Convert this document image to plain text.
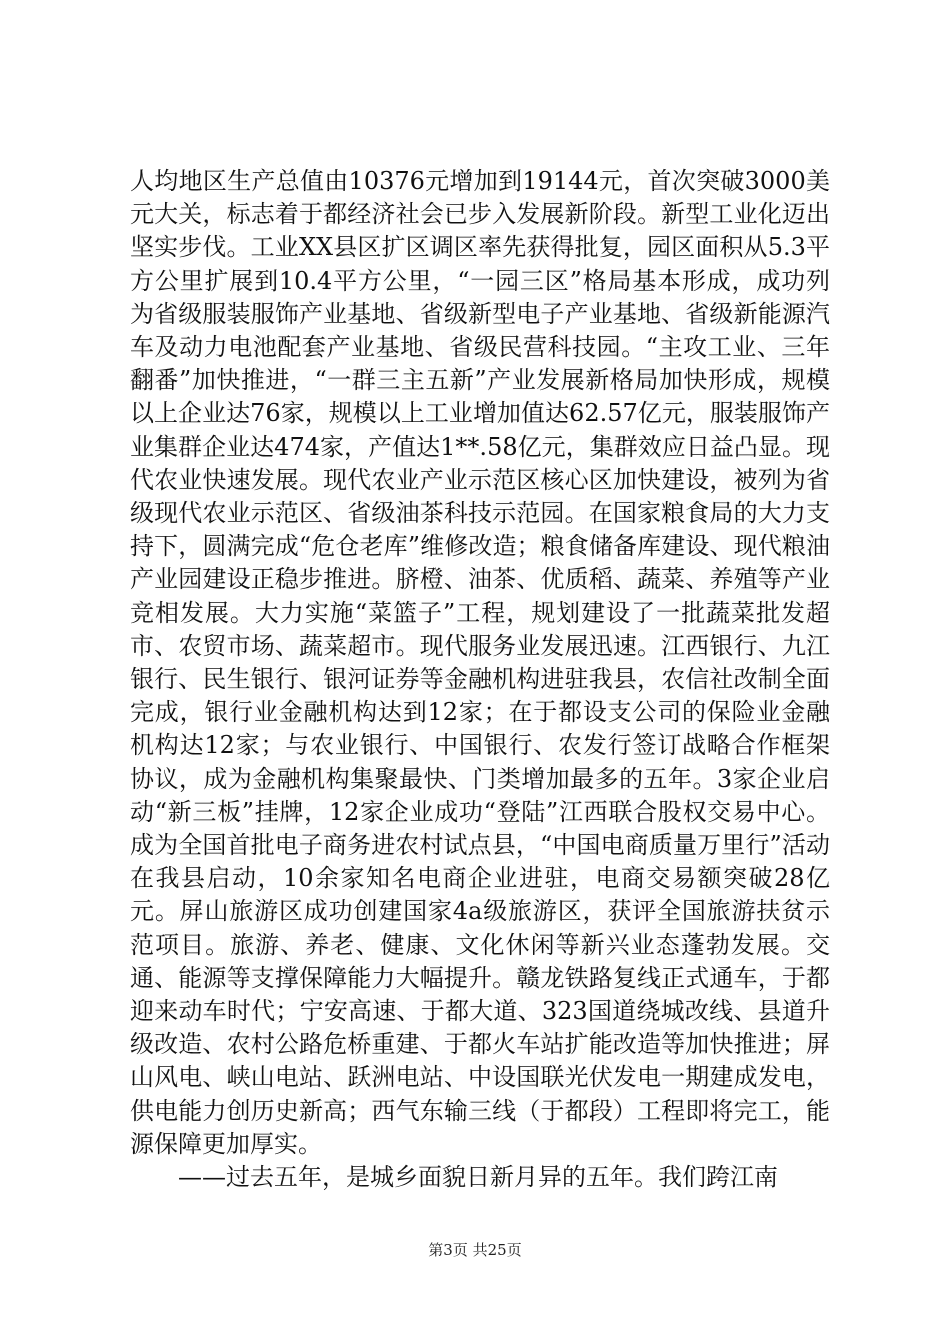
人均地区生产总值由10376元增加到19144元，首次突破3000美元大关，标志着于都经济社会已步入发展新阶段。新型工业化迈出坚实步伐。工业XX县区扩区调区率先获得批复，园区面积从5.3平方公里扩展到10.4平方公里，“一园三区”格局基本形成，成功列为省级服装服饰产业基地、省级新型电子产业基地、省级新能源汽车及动力电池配套产业基地、省级民营科技园。“主攻工业、三年翻番”加快推进，“一群三主五新”产业发展新格局加快形成，规模以上企业达76家，规模以上工业增加值达62.57亿元，服装服饰产业集群企业达474家，产值达1**.58亿元，集群效应日益凸显。现代农业快速发展。现代农业产业示范区核心区加快建设，被列为省级现代农业示范区、省级油茶科技示范园。在国家粮食局的大力支持下，圆满完成“危仓老库”维修改造；粮食储备库建设、现代粮油产业园建设正稳步推进。脐橙、油茶、优质稻、蔬菜、养殖等产业竞相发展。大力实施“菜篮子”工程，规划建设了一批蔬菜批发超市、农贸市场、蔬菜超市。现代服务业发展迅速。江西银行、九江银行、民生银行、银河证券等金融机构进驻我县，农信社改制全面完成，银行业金融机构达到12家；在于都设支公司的保险业金融机构达12家；与农业银行、中国银行、农发行签订战略合作框架协议，成为金融机构集聚最快、门类增加最多的五年。3家企业启动“新三板”挂牌，12家企业成功“登陆”江西联合股权交易中心。成为全国首批电子商务进农村试点县，“中国电商质量万里行”活动在我县启动，10余家知名电商企业进驻，电商交易额突破28亿元。屏山旅游区成功创建国家4a级旅游区，获评全国旅游扶贫示范项目。旅游、养老、健康、文化休闲等新兴业态蓬勃发展。交通、能源等支撑保障能力大幅提升。赣龙铁路复线正式通车，于都迎来动车时代；宁安高速、于都大道、323国道绕城改线、县道升级改造、农村公路危桥重建、于都火车站扩能改造等加快推进；屏山风电、峡山电站、跃洲电站、中设国联光伏发电一期建成发电，供电能力创历史新高；西气东输三线（于都段）工程即将完工，能源保障更加厚实。

——过去五年，是城乡面貌日新月异的五年。我们跨江南

第3页 共25页
